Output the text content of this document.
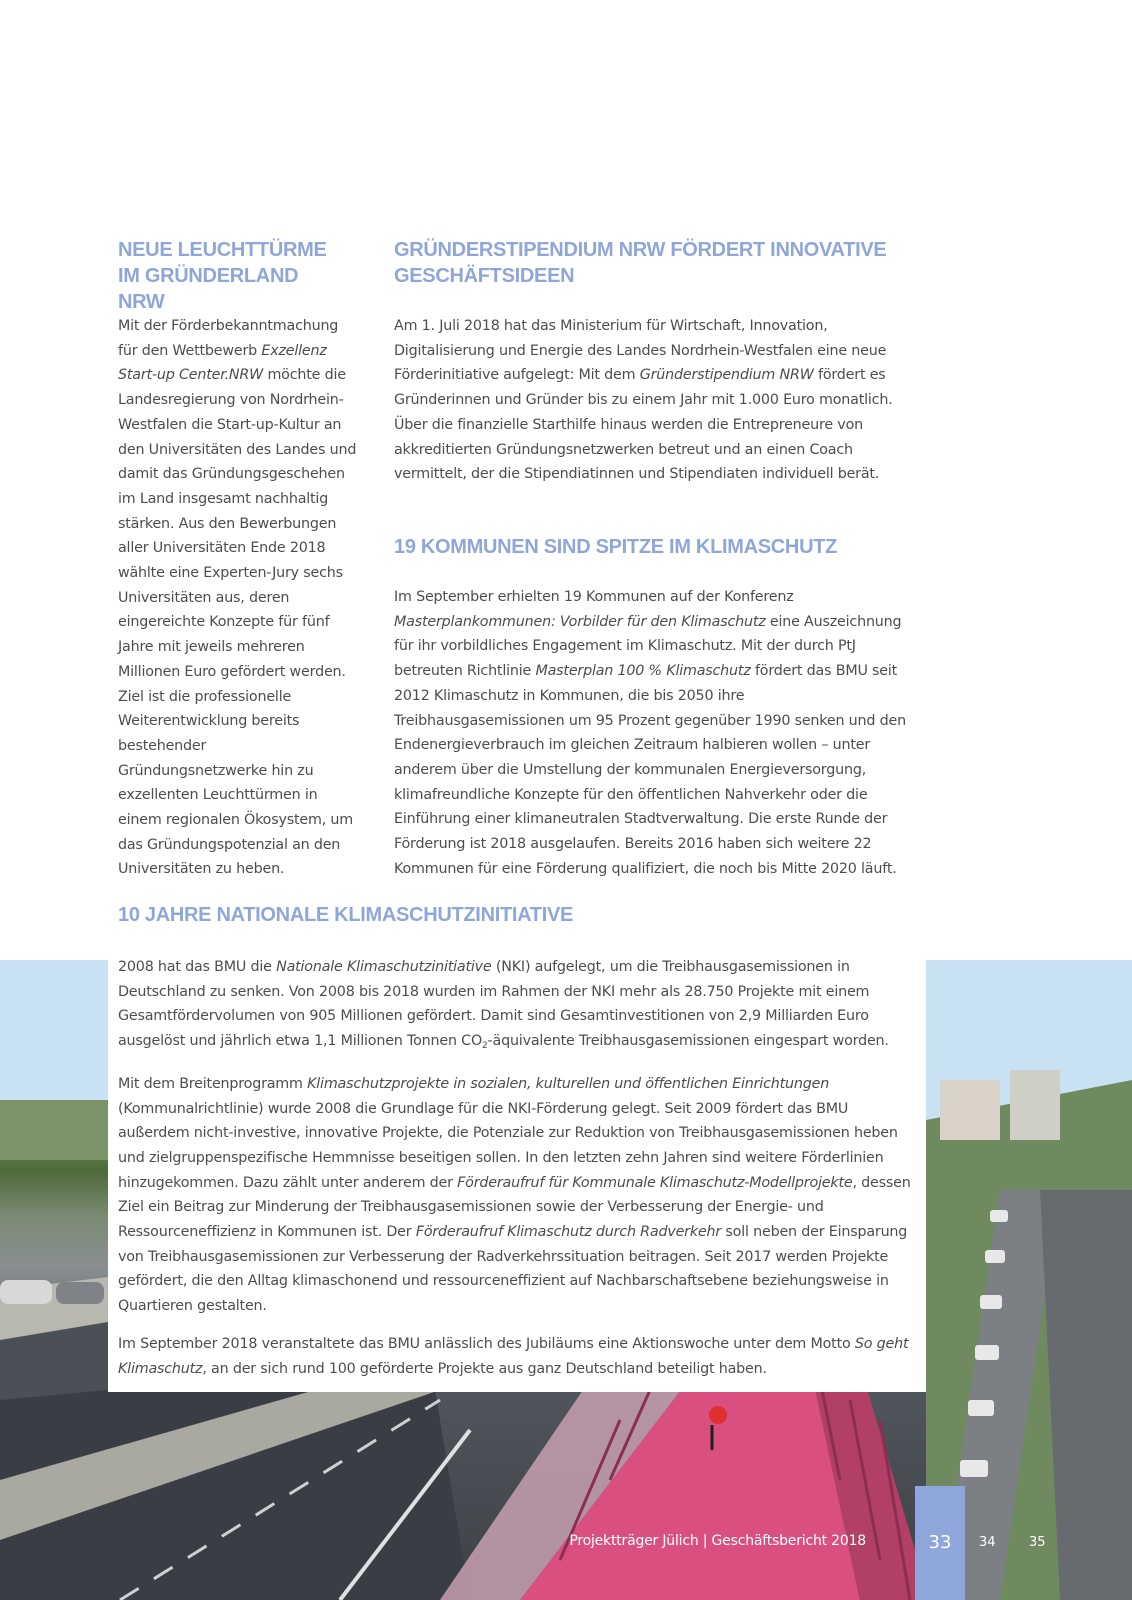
NEUE LEUCHTTÜRME IM GRÜNDERLAND NRW

Mit der Förderbekanntmachung für den Wettbewerb Exzellenz Start-up Center.NRW möchte die Landesregierung von Nordrhein-Westfalen die Start-up-Kultur an den Universitäten des Landes und damit das Gründungsgeschehen im Land insgesamt nachhaltig stärken. Aus den Bewerbungen aller Universitäten Ende 2018 wählte eine Experten-Jury sechs Universitäten aus, deren eingereichte Konzepte für fünf Jahre mit jeweils mehreren Millionen Euro gefördert werden. Ziel ist die professionelle Weiterentwicklung bereits bestehender Gründungsnetzwerke hin zu exzellenten Leuchttürmen in einem regionalen Ökosystem, um das Gründungspotenzial an den Universitäten zu heben.

GRÜNDERSTIPENDIUM NRW FÖRDERT INNOVATIVE GESCHÄFTSIDEEN

Am 1. Juli 2018 hat das Ministerium für Wirtschaft, Innovation, Digitalisierung und Energie des Landes Nordrhein-Westfalen eine neue Förderinitiative aufgelegt: Mit dem Gründerstipendium NRW fördert es Gründerinnen und Gründer bis zu einem Jahr mit 1.000 Euro monatlich. Über die finanzielle Starthilfe hinaus werden die Entrepreneure von akkreditierten Gründungsnetzwerken betreut und an einen Coach vermittelt, der die Stipendiatinnen und Stipendiaten individuell berät.

19 KOMMUNEN SIND SPITZE IM KLIMASCHUTZ

Im September erhielten 19 Kommunen auf der Konferenz Masterplankommunen: Vorbilder für den Klimaschutz eine Auszeichnung für ihr vorbildliches Engagement im Klimaschutz. Mit der durch PtJ betreuten Richtlinie Masterplan 100 % Klimaschutz fördert das BMU seit 2012 Klimaschutz in Kommunen, die bis 2050 ihre Treibhausgasemissionen um 95 Prozent gegenüber 1990 senken und den Endenergieverbrauch im gleichen Zeitraum halbieren wollen – unter anderem über die Umstellung der kommunalen Energieversorgung, klimafreundliche Konzepte für den öffentlichen Nahverkehr oder die Einführung einer klimaneutralen Stadtverwaltung. Die erste Runde der Förderung ist 2018 ausgelaufen. Bereits 2016 haben sich weitere 22 Kommunen für eine Förderung qualifiziert, die noch bis Mitte 2020 läuft.

10 JAHRE NATIONALE KLIMASCHUTZINITIATIVE

2008 hat das BMU die Nationale Klimaschutzinitiative (NKI) aufgelegt, um die Treibhausgasemissionen in Deutschland zu senken. Von 2008 bis 2018 wurden im Rahmen der NKI mehr als 28.750 Projekte mit einem Gesamtfördervolumen von 905 Millionen gefördert. Damit sind Gesamtinvestitionen von 2,9 Milliarden Euro ausgelöst und jährlich etwa 1,1 Millionen Tonnen $CO_2$-äquivalente Treibhausgasemissionen eingespart worden.

Mit dem Breitenprogramm Klimaschutzprojekte in sozialen, kulturellen und öffentlichen Einrichtungen (Kommunalrichtlinie) wurde 2008 die Grundlage für die NKI-Förderung gelegt. Seit 2009 fördert das BMU außerdem nicht-investive, innovative Projekte, die Potenziale zur Reduktion von Treibhausgasemissionen heben und zielgruppenspezifische Hemmnisse beseitigen sollen. In den letzten zehn Jahren sind weitere Förderlinien hinzugekommen. Dazu zählt unter anderem der Förderaufruf für Kommunale Klimaschutz-Modellprojekte, dessen Ziel ein Beitrag zur Minderung der Treibhausgasemissionen sowie der Verbesserung der Energie- und Ressourceneffizienz in Kommunen ist. Der Förderaufruf Klimaschutz durch Radverkehr soll neben der Einsparung von Treibhausgasemissionen zur Verbesserung der Radverkehrssituation beitragen. Seit 2017 werden Projekte gefördert, die den Alltag klimaschonend und ressourceneffizient auf Nachbarschaftsebene beziehungsweise in Quartieren gestalten.

Im September 2018 veranstaltete das BMU anlässlich des Jubiläums eine Aktionswoche unter dem Motto So geht Klimaschutz, an der sich rund 100 geförderte Projekte aus ganz Deutschland beteiligt haben.

Projektträger Jülich | Geschäftsbericht 2018	33	34	35
